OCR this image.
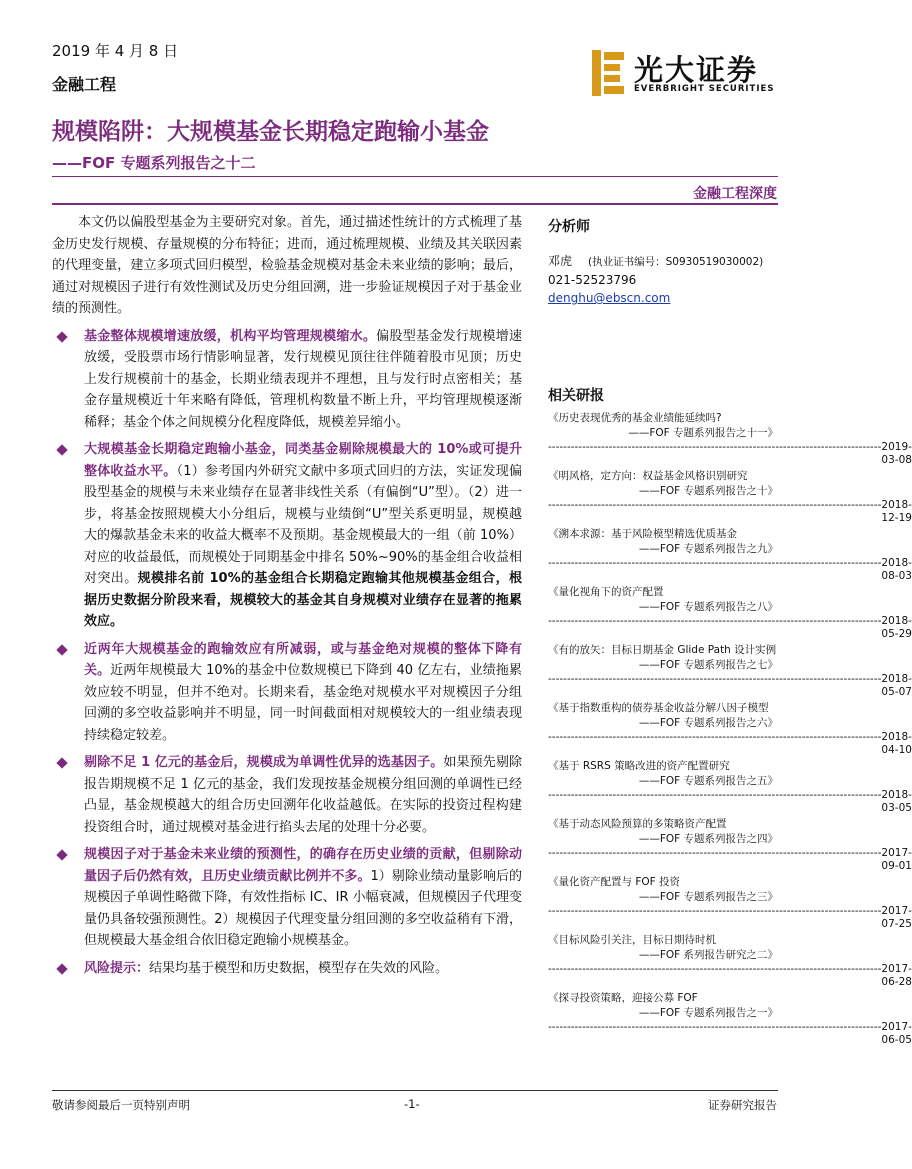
2019 年 4 月 8 日
金融工程	光大证券
EVERBRIGHT SECURITIES
规模陷阱：大规模基金长期稳定跑输小基金
——FOF 专题系列报告之十二
金融工程深度

本文仍以偏股型基金为主要研究对象。首先，通过描述性统计的方式梳理了基金历史发行规模、存量规模的分布特征；进而，通过梳理规模、业绩及其关联因素的代理变量，建立多项式回归模型，检验基金规模对基金未来业绩的影响；最后，通过对规模因子进行有效性测试及历史分组回溯，进一步验证规模因子对于基金业绩的预测性。

基金整体规模增速放缓，机构平均管理规模缩水。偏股型基金发行规模增速放缓，受股票市场行情影响显著，发行规模见顶往往伴随着股市见顶；历史上发行规模前十的基金，长期业绩表现并不理想，且与发行时点密相关；基金存量规模近十年来略有降低，管理机构数量不断上升，平均管理规模逐渐稀释；基金个体之间规模分化程度降低，规模差异缩小。

大规模基金长期稳定跑输小基金，同类基金剔除规模最大的 10%或可提升整体收益水平。（1）参考国内外研究文献中多项式回归的方法，实证发现偏股型基金的规模与未来业绩存在显著非线性关系（有偏倒“U”型）。（2）进一步，将基金按照规模大小分组后，规模与业绩倒“U”型关系更明显，规模越大的爆款基金未来的收益大概率不及预期。基金规模最大的一组（前 10%）对应的收益最低，而规模处于同期基金中排名 50%~90%的基金组合收益相对突出。规模排名前 10%的基金组合长期稳定跑输其他规模基金组合，根据历史数据分阶段来看，规模较大的基金其自身规模对业绩存在显著的拖累效应。

近两年大规模基金的跑输效应有所减弱，或与基金绝对规模的整体下降有关。近两年规模最大 10%的基金中位数规模已下降到 40 亿左右，业绩拖累效应较不明显，但并不绝对。长期来看，基金绝对规模水平对规模因子分组回溯的多空收益影响并不明显，同一时间截面相对规模较大的一组业绩表现持续稳定较差。

剔除不足 1 亿元的基金后，规模成为单调性优异的选基因子。如果预先剔除报告期规模不足 1 亿元的基金，我们发现按基金规模分组回测的单调性已经凸显，基金规模越大的组合历史回溯年化收益越低。在实际的投资过程构建投资组合时，通过规模对基金进行掐头去尾的处理十分必要。

规模因子对于基金未来业绩的预测性，的确存在历史业绩的贡献，但剔除动量因子后仍然有效，且历史业绩贡献比例并不多。1）剔除业绩动量影响后的规模因子单调性略微下降，有效性指标 IC、IR 小幅衰减，但规模因子代理变量仍具备较强预测性。2）规模因子代理变量分组回测的多空收益稍有下滑，但规模最大基金组合依旧稳定跑输小规模基金。

风险提示：结果均基于模型和历史数据，模型存在失效的风险。

分析师
邓虎 (执业证书编号：S0930519030002)
021-52523796
denghu@ebscn.com
相关研报
《历史表现优秀的基金业绩能延续吗?
——FOF 专题系列报告之十一》
---------------------------------------------------------------------------------------- 2019-03-08
《明风格，定方向：权益基金风格识别研究
——FOF 专题系列报告之十》
---------------------------------------------------------------------------------------- 2018-12-19
《溯本求源：基于风险模型精选优质基金
——FOF 专题系列报告之九》
---------------------------------------------------------------------------------------- 2018-08-03
《量化视角下的资产配置
——FOF 专题系列报告之八》
---------------------------------------------------------------------------------------- 2018-05-29
《有的放矢：目标日期基金 Glide Path 设计实例
——FOF 专题系列报告之七》
---------------------------------------------------------------------------------------- 2018-05-07
《基于指数重构的债券基金收益分解八因子模型
——FOF 专题系列报告之六》
---------------------------------------------------------------------------------------- 2018-04-10
《基于 RSRS 策略改进的资产配置研究
——FOF 专题系列报告之五》
---------------------------------------------------------------------------------------- 2018-03-05
《基于动态风险预算的多策略资产配置
——FOF 专题系列报告之四》
---------------------------------------------------------------------------------------- 2017-09-01
《量化资产配置与 FOF 投资
——FOF 专题系列报告之三》
---------------------------------------------------------------------------------------- 2017-07-25
《目标风险引关注，目标日期待时机
——FOF 系列报告研究之二》
---------------------------------------------------------------------------------------- 2017-06-28
《探寻投资策略，迎接公募 FOF
——FOF 专题系列报告之一》
---------------------------------------------------------------------------------------- 2017-06-05
敬请参阅最后一页特别声明	-1-	证券研究报告
